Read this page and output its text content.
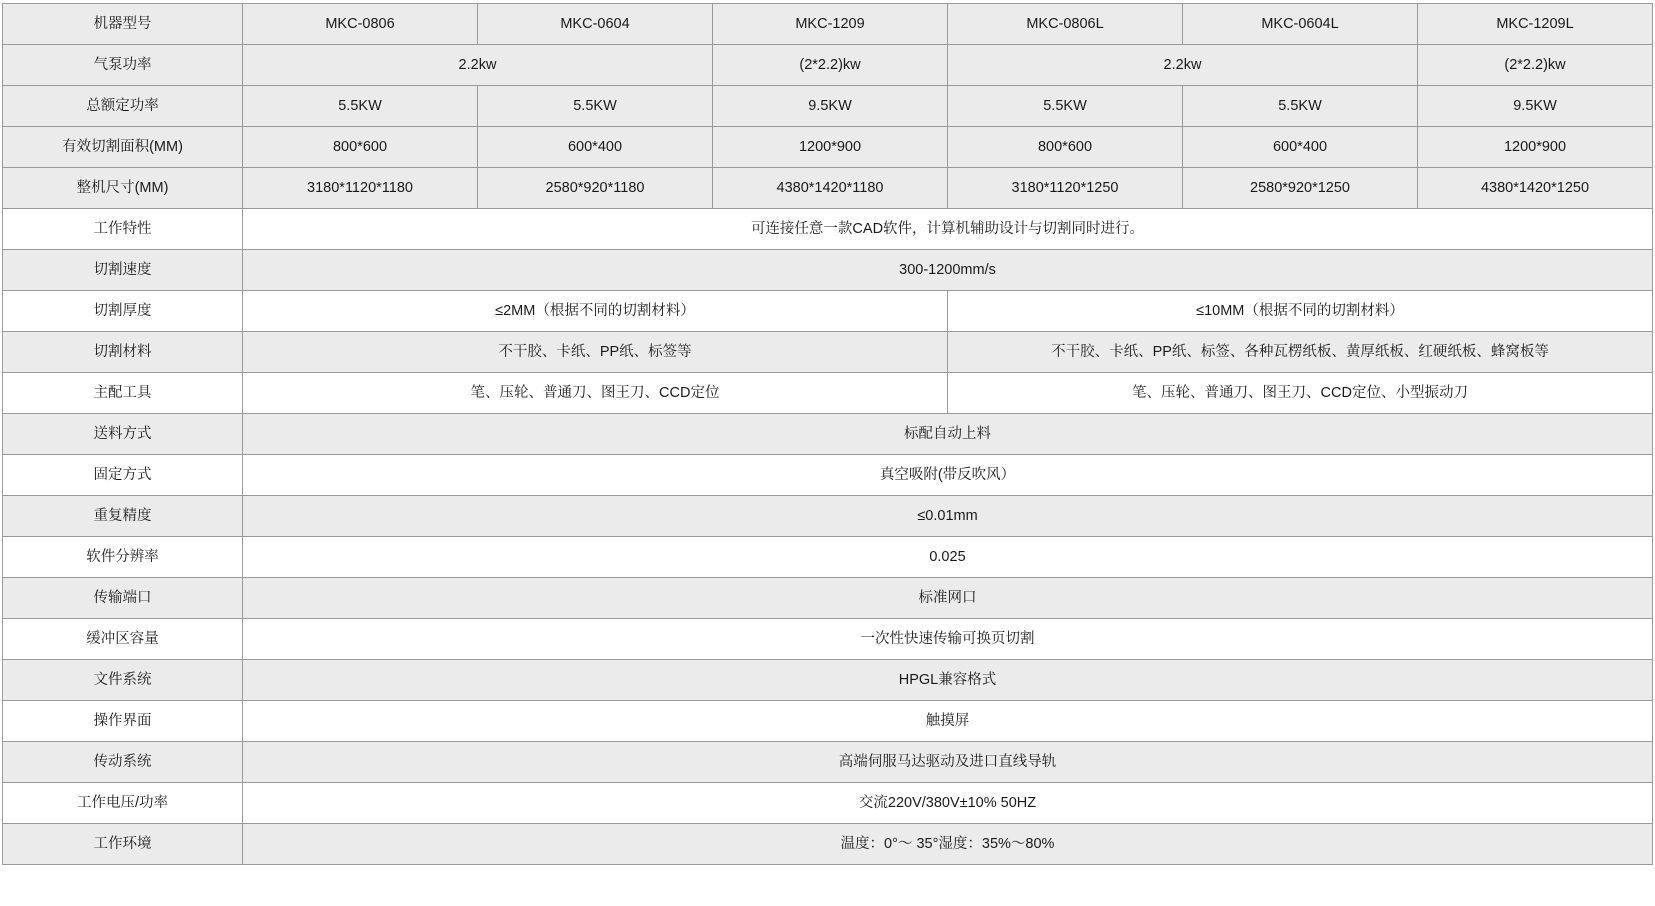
机器型号	MKC-0806	MKC-0604	MKC-1209	MKC-0806L	MKC-0604L	MKC-1209L
气泵功率	2.2kw		(2*2.2)kw	2.2kw		(2*2.2)kw
总额定功率	5.5KW	5.5KW	9.5KW	5.5KW	5.5KW	9.5KW
有效切割面积(MM)	800*600	600*400	1200*900	800*600	600*400	1200*900
整机尺寸(MM)	3180*1120*1180	2580*920*1180	4380*1420*1180	3180*1120*1250	2580*920*1250	4380*1420*1250
工作特性	可连接任意一款CAD软件，计算机辅助设计与切割同时进行。					
切割速度	300-1200mm/s					
切割厚度	≤2MM（根据不同的切割材料）			≤10MM（根据不同的切割材料）		
切割材料	不干胶、卡纸、PP纸、标签等			不干胶、卡纸、PP纸、标签、各种瓦楞纸板、黄厚纸板、红硬纸板、蜂窝板等		
主配工具	笔、压轮、普通刀、图王刀、CCD定位			笔、压轮、普通刀、图王刀、CCD定位、小型振动刀		
送料方式	标配自动上料					
固定方式	真空吸附(带反吹风）					
重复精度	≤0.01mm					
软件分辨率	0.025					
传输端口	标准网口					
缓冲区容量	一次性快速传输可换页切割					
文件系统	HPGL兼容格式					
操作界面	触摸屏					
传动系统	高端伺服马达驱动及进口直线导轨					
工作电压/功率	交流220V/380V±10% 50HZ					
工作环境	温度：0°～ 35°湿度：35%～80%					
